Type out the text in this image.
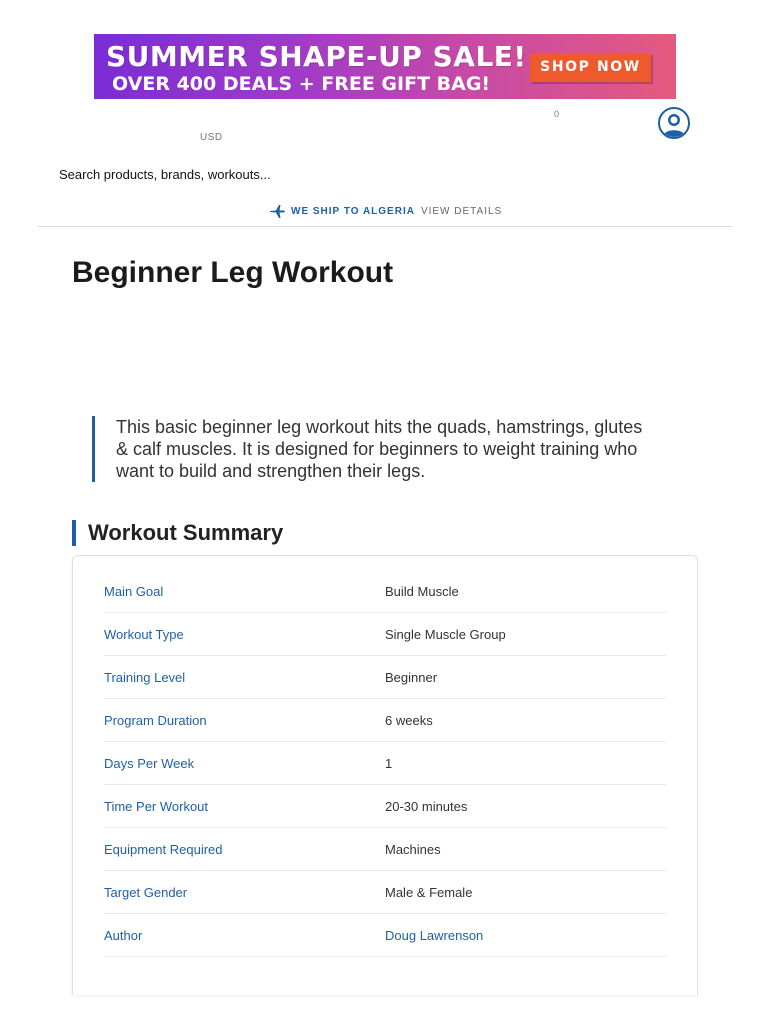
SUMMER SHAPE-UP SALE!
OVER 400 DEALS + FREE GIFT BAG!
SHOP NOW
USD
0
Search products, brands, workouts...
WE SHIP TO ALGERIA VIEW DETAILS
Beginner Leg Workout
This basic beginner leg workout hits the quads, hamstrings, glutes & calf muscles. It is designed for beginners to weight training who want to build and strengthen their legs.
Workout Summary
Main Goal	Build Muscle
Workout Type	Single Muscle Group
Training Level	Beginner
Program Duration	6 weeks
Days Per Week	1
Time Per Workout	20-30 minutes
Equipment Required	Machines
Target Gender	Male & Female
Author	Doug Lawrenson
